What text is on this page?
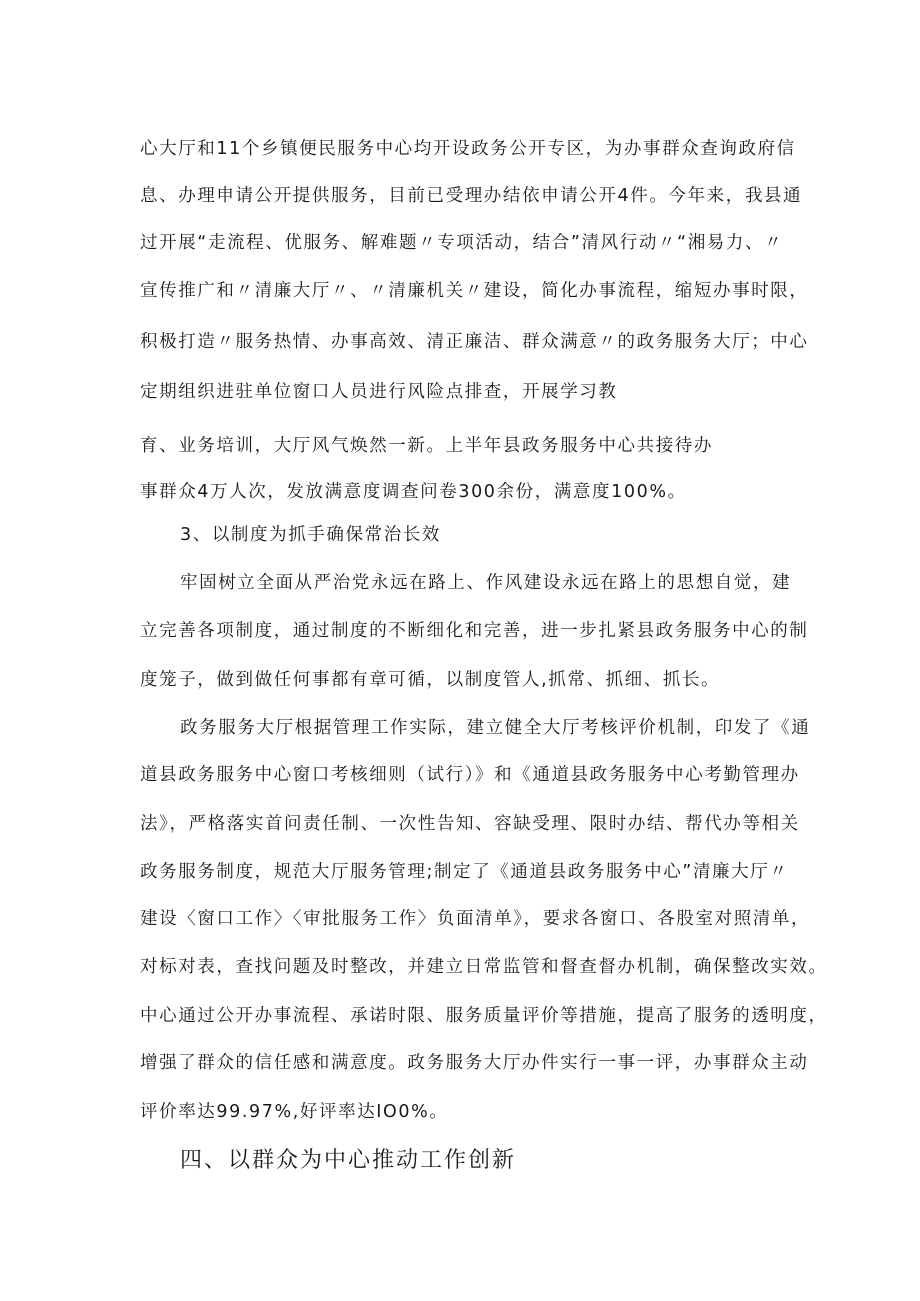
心大厅和11个乡镇便民服务中心均开设政务公开专区，为办事群众查询政府信
息、办理申请公开提供服务，目前已受理办结依申请公开4件。今年来，我县通
过开展“走流程、优服务、解难题〃专项活动，结合”清风行动〃“湘易力、〃
宣传推广和〃清廉大厅〃、〃清廉机关〃建设，简化办事流程，缩短办事时限，
积极打造〃服务热情、办事高效、清正廉洁、群众满意〃的政务服务大厅；中心
定期组织进驻单位窗口人员进行风险点排查，开展学习教
育、业务培训，大厅风气焕然一新。上半年县政务服务中心共接待办
事群众4万人次，发放满意度调查问卷300余份，满意度100%。
3、以制度为抓手确保常治长效
牢固树立全面从严治党永远在路上、作风建设永远在路上的思想自觉，建
立完善各项制度，通过制度的不断细化和完善，进一步扎紧县政务服务中心的制
度笼子，做到做任何事都有章可循，以制度管人,抓常、抓细、抓长。
政务服务大厅根据管理工作实际，建立健全大厅考核评价机制，印发了《通
道县政务服务中心窗口考核细则（试行）》和《通道县政务服务中心考勤管理办
法》，严格落实首问责任制、一次性告知、容缺受理、限时办结、帮代办等相关
政务服务制度，规范大厅服务管理;制定了《通道县政务服务中心”清廉大厅〃
建设〈窗口工作〉〈审批服务工作〉负面清单》，要求各窗口、各股室对照清单，
对标对表，查找问题及时整改，并建立日常监管和督查督办机制，确保整改实效。
中心通过公开办事流程、承诺时限、服务质量评价等措施，提高了服务的透明度，
增强了群众的信任感和满意度。政务服务大厅办件实行一事一评，办事群众主动
评价率达99.97%,好评率达IO0%。
四、以群众为中心推动工作创新
